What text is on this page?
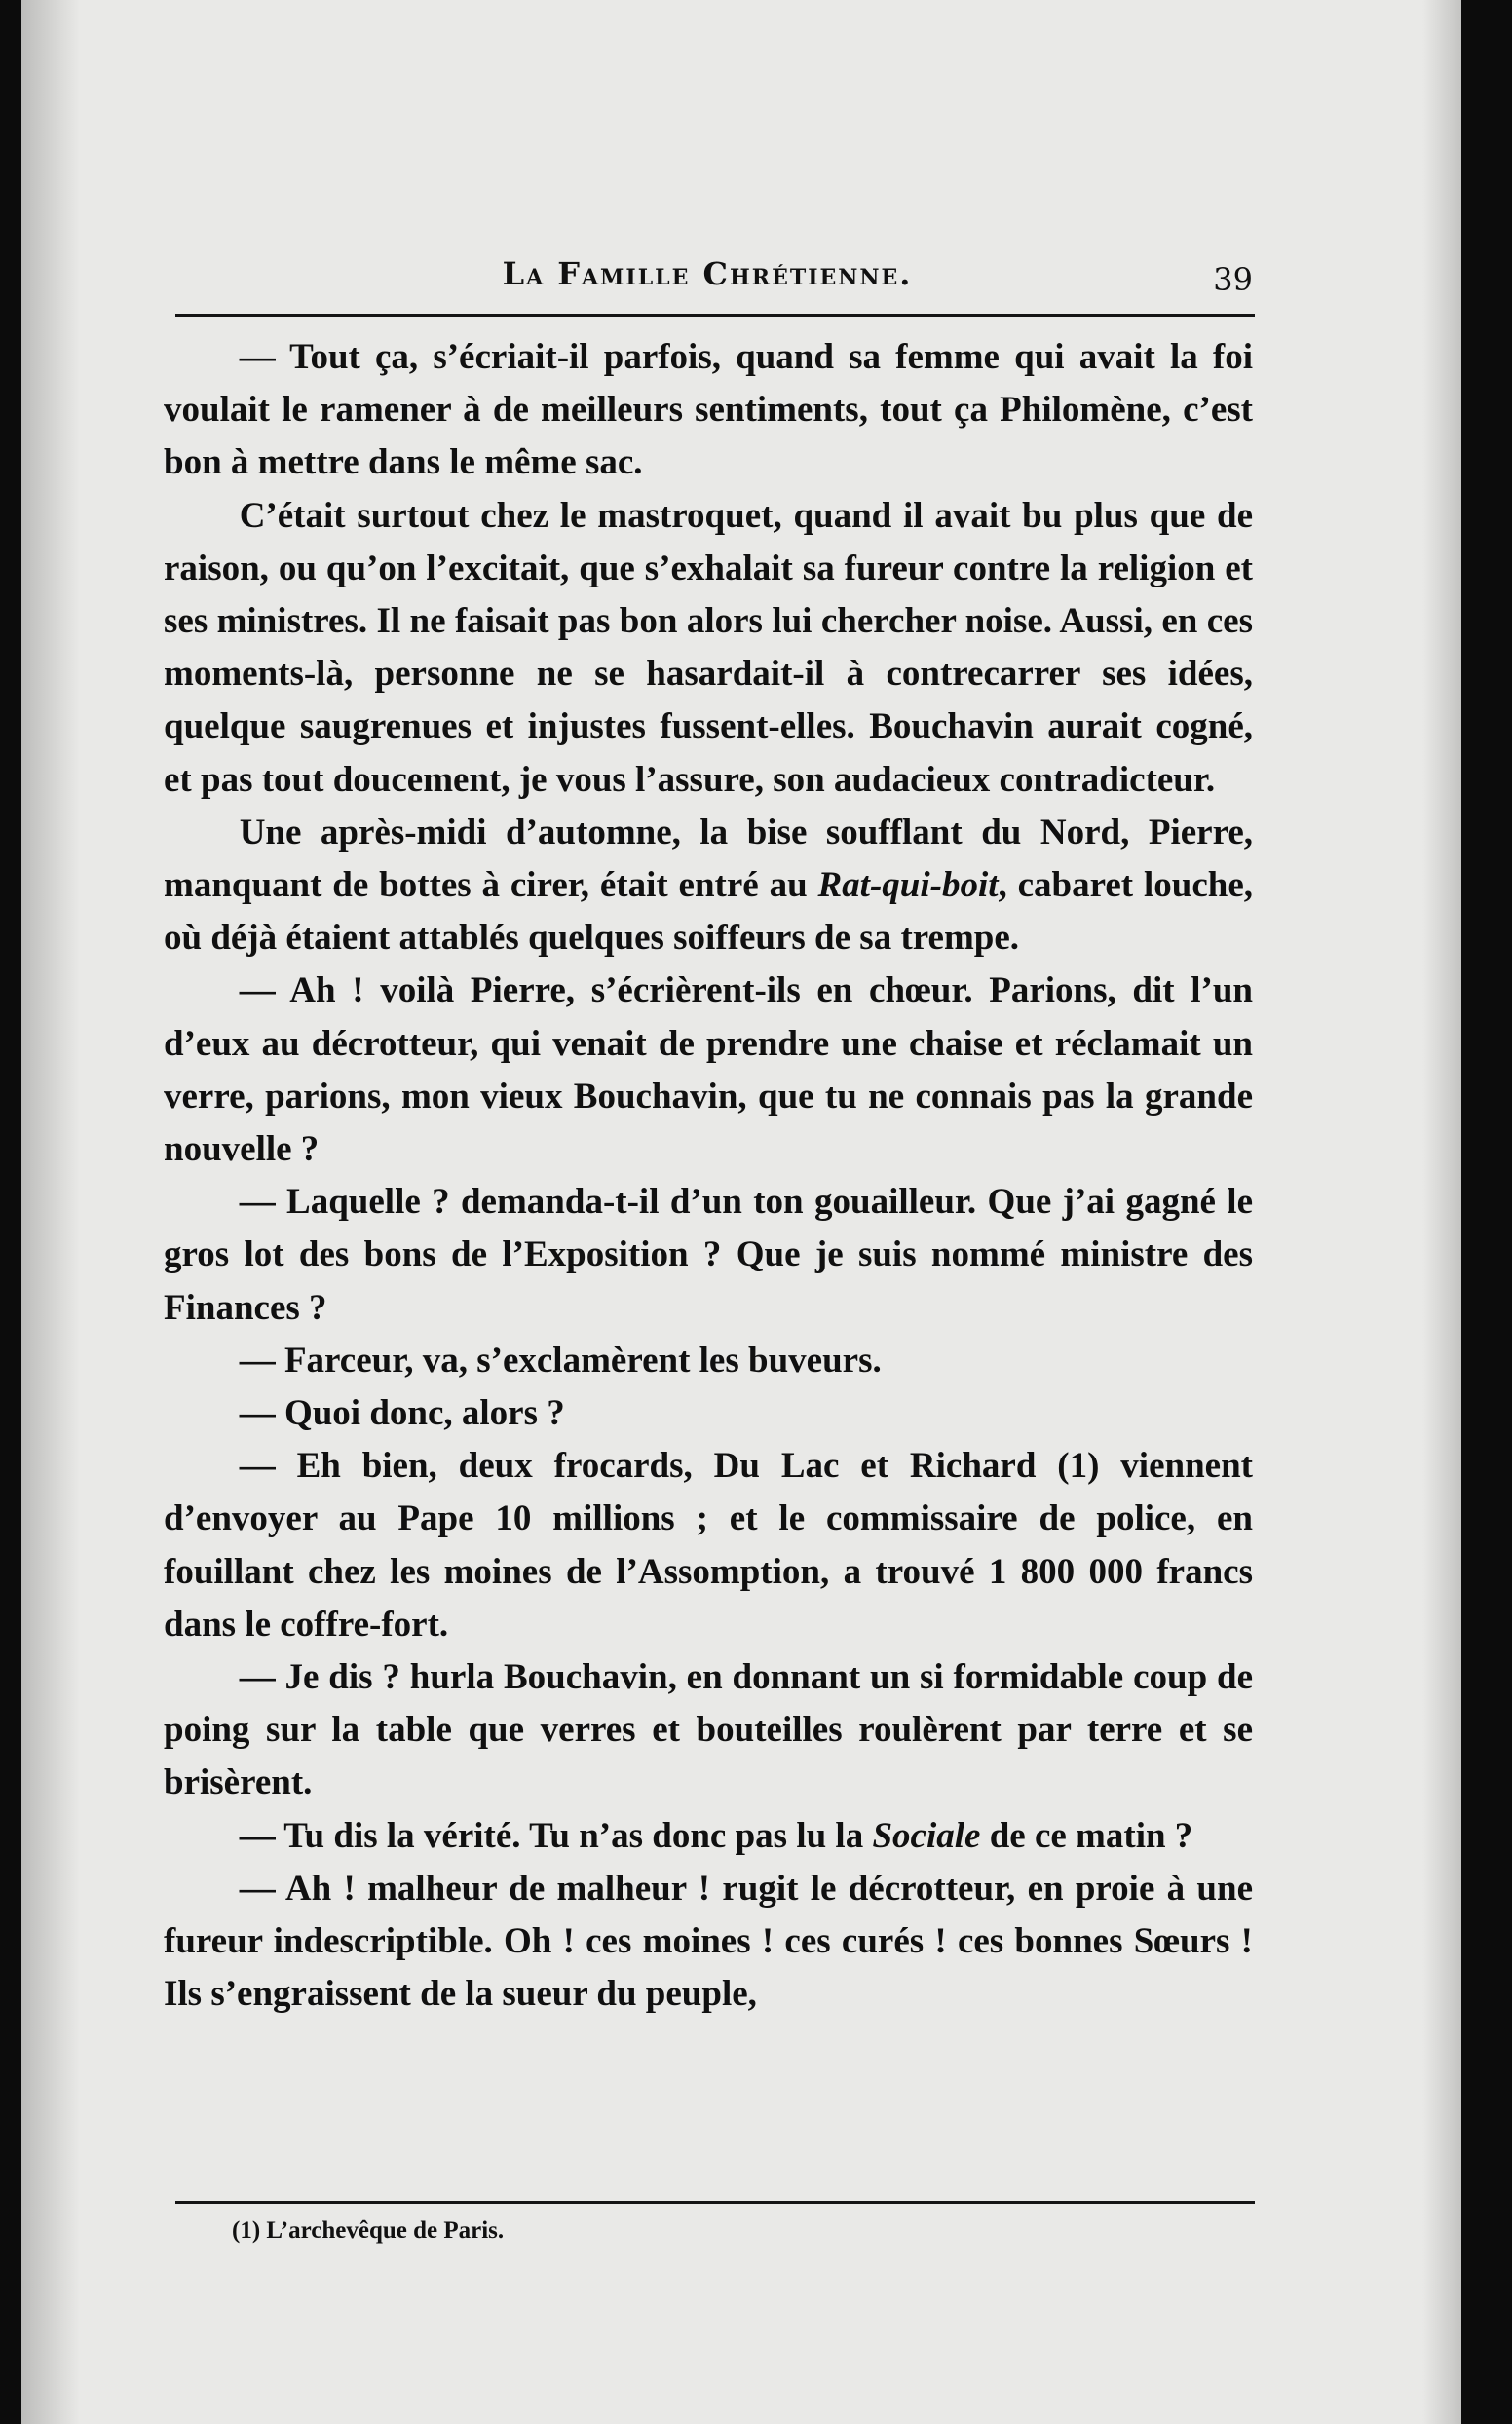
La Famille Chrétienne.	39

— Tout ça, s’écriait-il parfois, quand sa femme qui avait la foi voulait le ramener à de meilleurs sentiments, tout ça Philomène, c’est bon à mettre dans le même sac.

C’était surtout chez le mastroquet, quand il avait bu plus que de raison, ou qu’on l’excitait, que s’exhalait sa fureur contre la religion et ses ministres. Il ne faisait pas bon alors lui chercher noise. Aussi, en ces moments-là, personne ne se hasardait-il à contrecarrer ses idées, quelque saugrenues et injustes fussent-elles. Bouchavin aurait cogné, et pas tout doucement, je vous l’assure, son audacieux contradicteur.

Une après-midi d’automne, la bise soufflant du Nord, Pierre, manquant de bottes à cirer, était entré au Rat-qui-boit, cabaret louche, où déjà étaient attablés quelques soiffeurs de sa trempe.

— Ah ! voilà Pierre, s’écrièrent-ils en chœur. Parions, dit l’un d’eux au décrotteur, qui venait de prendre une chaise et réclamait un verre, parions, mon vieux Bouchavin, que tu ne connais pas la grande nouvelle ?

— Laquelle ? demanda-t-il d’un ton gouailleur. Que j’ai gagné le gros lot des bons de l’Exposition ? Que je suis nommé ministre des Finances ?

— Farceur, va, s’exclamèrent les buveurs.

— Quoi donc, alors ?

— Eh bien, deux frocards, Du Lac et Richard (1) viennent d’envoyer au Pape 10 millions ; et le commissaire de police, en fouillant chez les moines de l’Assomption, a trouvé 1 800 000 francs dans le coffre-fort.

— Je dis ? hurla Bouchavin, en donnant un si formidable coup de poing sur la table que verres et bouteilles roulèrent par terre et se brisèrent.

— Tu dis la vérité. Tu n’as donc pas lu la Sociale de ce matin ?

— Ah ! malheur de malheur ! rugit le décrotteur, en proie à une fureur indescriptible. Oh ! ces moines ! ces curés ! ces bonnes Sœurs ! Ils s’engraissent de la sueur du peuple,

(1) L’archevêque de Paris.
